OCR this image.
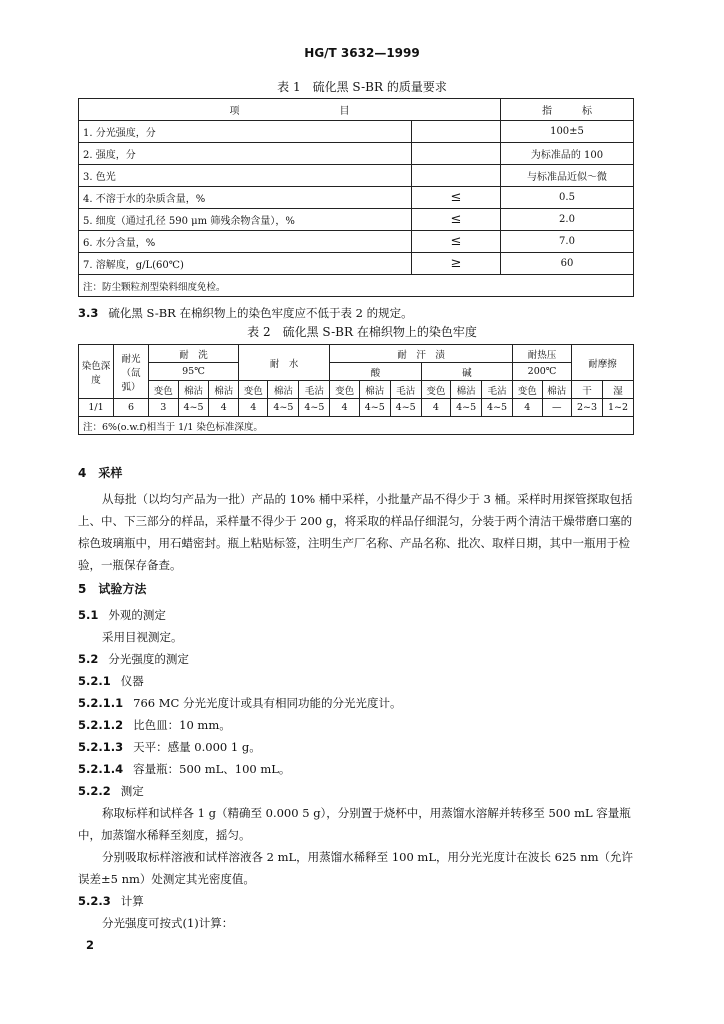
HG/T 3632—1999
表 1　硫化黑 S-BR 的质量要求
项　　　　　　　　　　目		指　　　标
1. 分光强度，分		100±5
2. 强度，分		为标准品的 100
3. 色光		与标准品近似～微
4. 不溶于水的杂质含量，%	≤	0.5
5. 细度（通过孔径 590 μm 筛残余物含量），%	≤	2.0
6. 水分含量，%	≤	7.0
7. 溶解度，g/L(60℃)	≥	60
注：防尘颗粒剂型染料细度免检。		
3.3 硫化黑 S-BR 在棉织物上的染色牢度应不低于表 2 的规定。
表 2　硫化黑 S-BR 在棉织物上的染色牢度
染色深度	耐光（氙弧）	耐　洗			耐　水			耐　汗　渍						耐热压		耐摩擦	
		95℃						酸			碱			200℃			
		变色	棉沾	棉沾	变色	棉沾	毛沾	变色	棉沾	毛沾	变色	棉沾	毛沾	变色	棉沾	干	湿
1/1	6	3	4~5	4	4	4~5	4~5	4	4~5	4~5	4	4~5	4~5	4	—	2~3	1~2
注：6%(o.w.f)相当于 1/1 染色标准深度。																	
4　采样
从每批（以均匀产品为一批）产品的 10% 桶中采样，小批量产品不得少于 3 桶。采样时用探管探取包括上、中、下三部分的样品，采样量不得少于 200 g，将采取的样品仔细混匀，分装于两个清洁干燥带磨口塞的棕色玻璃瓶中，用石蜡密封。瓶上粘贴标签，注明生产厂名称、产品名称、批次、取样日期，其中一瓶用于检验，一瓶保存备查。
5　试验方法
5.1 外观的测定
采用目视测定。
5.2 分光强度的测定
5.2.1 仪器
5.2.1.1 766 MC 分光光度计或具有相同功能的分光光度计。
5.2.1.2 比色皿：10 mm。
5.2.1.3 天平：感量 0.000 1 g。
5.2.1.4 容量瓶：500 mL、100 mL。
5.2.2 测定
称取标样和试样各 1 g（精确至 0.000 5 g），分别置于烧杯中，用蒸馏水溶解并转移至 500 mL 容量瓶中，加蒸馏水稀释至刻度，摇匀。
分别吸取标样溶液和试样溶液各 2 mL，用蒸馏水稀释至 100 mL，用分光光度计在波长 625 nm（允许误差±5 nm）处测定其光密度值。
5.2.3 计算
分光强度可按式(1)计算：
2
